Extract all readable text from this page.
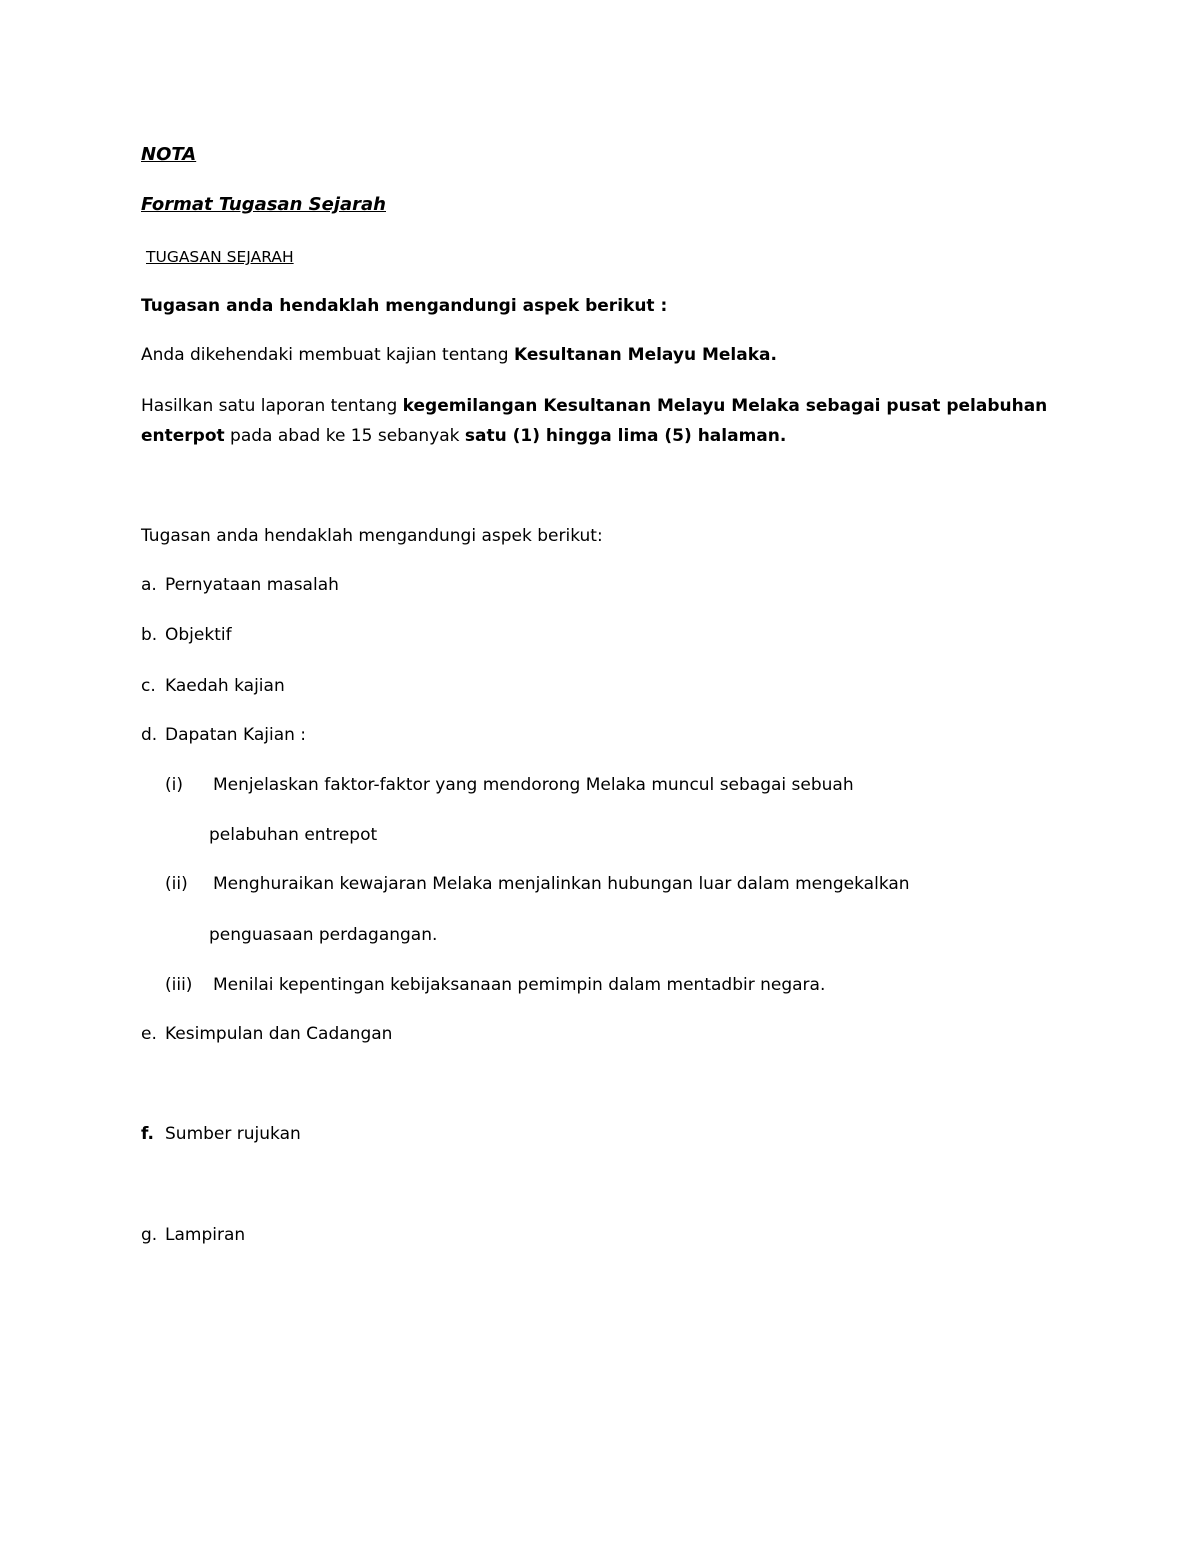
NOTA
Format Tugasan Sejarah
TUGASAN SEJARAH
Tugasan anda hendaklah mengandungi aspek berikut :
Anda dikehendaki membuat kajian tentang Kesultanan Melayu Melaka.
Hasilkan satu laporan tentang kegemilangan Kesultanan Melayu Melaka sebagai pusat pelabuhan
enterpot pada abad ke 15 sebanyak satu (1) hingga lima (5) halaman.
Tugasan anda hendaklah mengandungi aspek berikut:
a. Pernyataan masalah
b. Objektif
c. Kaedah kajian
d. Dapatan Kajian :
(i) Menjelaskan faktor-faktor yang mendorong Melaka muncul sebagai sebuah
pelabuhan entrepot
(ii) Menghuraikan kewajaran Melaka menjalinkan hubungan luar dalam mengekalkan
penguasaan perdagangan.
(iii) Menilai kepentingan kebijaksanaan pemimpin dalam mentadbir negara.
e. Kesimpulan dan Cadangan
f. Sumber rujukan
g. Lampiran
